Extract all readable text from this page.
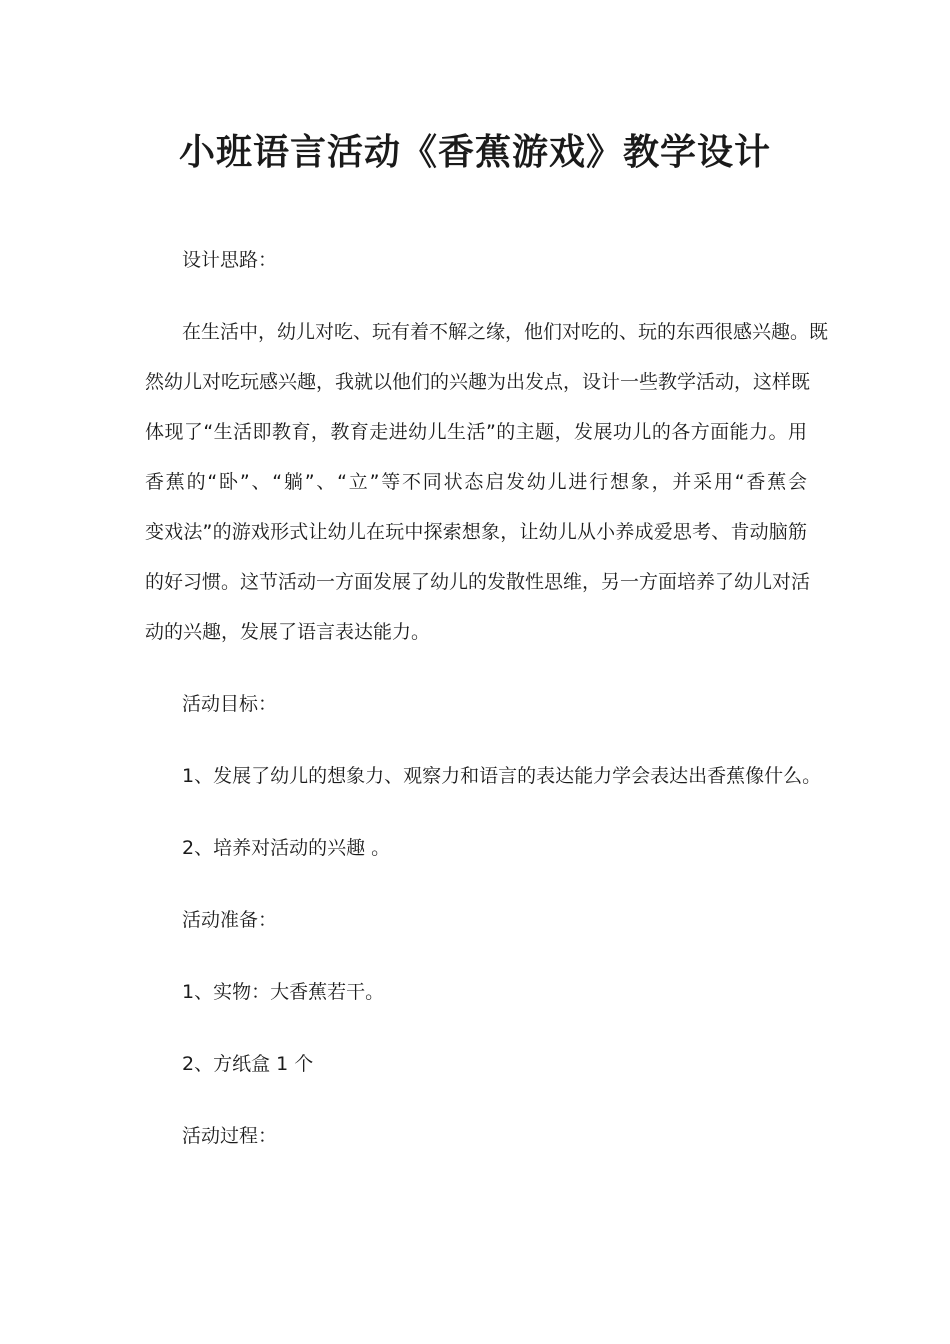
小班语言活动《香蕉游戏》教学设计

设计思路：

在生活中，幼儿对吃、玩有着不解之缘，他们对吃的、玩的东西很感兴趣。既

然幼儿对吃玩感兴趣，我就以他们的兴趣为出发点，设计一些教学活动，这样既

体现了“生活即教育，教育走进幼儿生活”的主题，发展功儿的各方面能力。用

香蕉的“卧”、“躺”、“立”等不同状态启发幼儿进行想象，并采用“香蕉会

变戏法”的游戏形式让幼儿在玩中探索想象，让幼儿从小养成爱思考、肯动脑筋

的好习惯。这节活动一方面发展了幼儿的发散性思维，另一方面培养了幼儿对活

动的兴趣，发展了语言表达能力。

活动目标：

1、发展了幼儿的想象力、观察力和语言的表达能力学会表达出香蕉像什么。

2、培养对活动的兴趣 。

活动准备：

1、实物：大香蕉若干。

2、方纸盒 1 个

活动过程：
